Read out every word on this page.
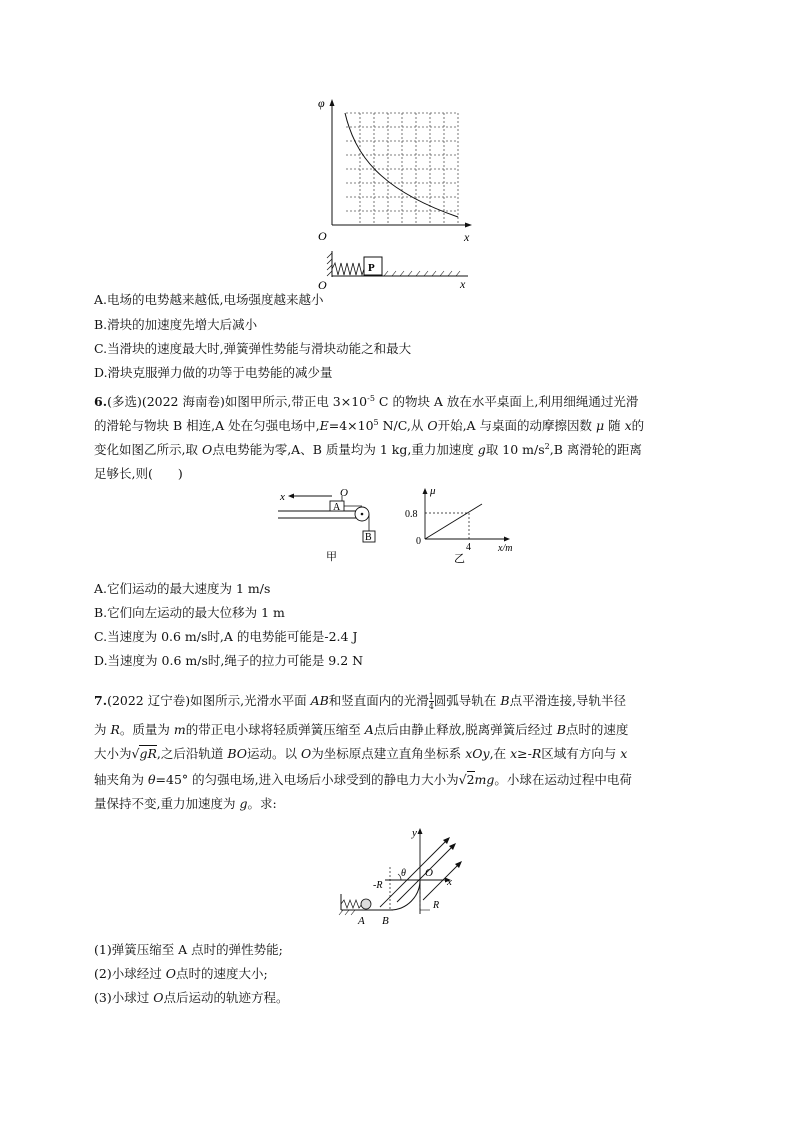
φ
O	x
P
O	x
A.电场的电势越来越低,电场强度越来越小
B.滑块的加速度先增大后减小
C.当滑块的速度最大时,弹簧弹性势能与滑块动能之和最大
D.滑块克服弹力做的功等于电势能的减少量
6.(多选)(2022 海南卷)如图甲所示,带正电 $3\times 10^{-5}$ C 的物块 A 放在水平桌面上,利用细绳通过光滑
的滑轮与物块 B 相连,A 处在匀强电场中$,E=4\times 10^5$ N/C,从 O开始,A 与桌面的动摩擦因数 μ 随 x的
变化如图乙所示,取 O点电势能为零,A、B 质量均为 1 kg,重力加速度 g取 10 $m/s^2,B$ 离滑轮的距离
足够长,则(　　)
x	O
A
B
甲
μ
0.8
0
4	x/m
乙
A.它们运动的最大速度为 1 m/s
B.它们向左运动的最大位移为 1 m
C.当速度为 0.6 m/s时,A 的电势能可能是-2.4 J
D.当速度为 0.6 m/s时,绳子的拉力可能是 9.2 N
7.(2022 辽宁卷)如图所示,光滑水平面 AB和竖直面内的光滑 $\frac{1}{4}$ 圆弧导轨在 B点平滑连接,导轨半径
为 R。质量为 m的带正电小球将轻质弹簧压缩至 A点后由静止释放,脱离弹簧后经过 B点时的速度
大小为√gR,之后沿轨道 BO运动。以 O为坐标原点建立直角坐标系 xOy,在 x≥-R区域有方向与 x
轴夹角为 θ=45° 的匀强电场,进入电场后小球受到的静电力大小为√2mg。小球在运动过程中电荷
量保持不变,重力加速度为 g。求:
y
x
-R
θ O
R
A B
(1)弹簧压缩至 A 点时的弹性势能;
(2)小球经过 O点时的速度大小;
(3)小球过 O点后运动的轨迹方程。
